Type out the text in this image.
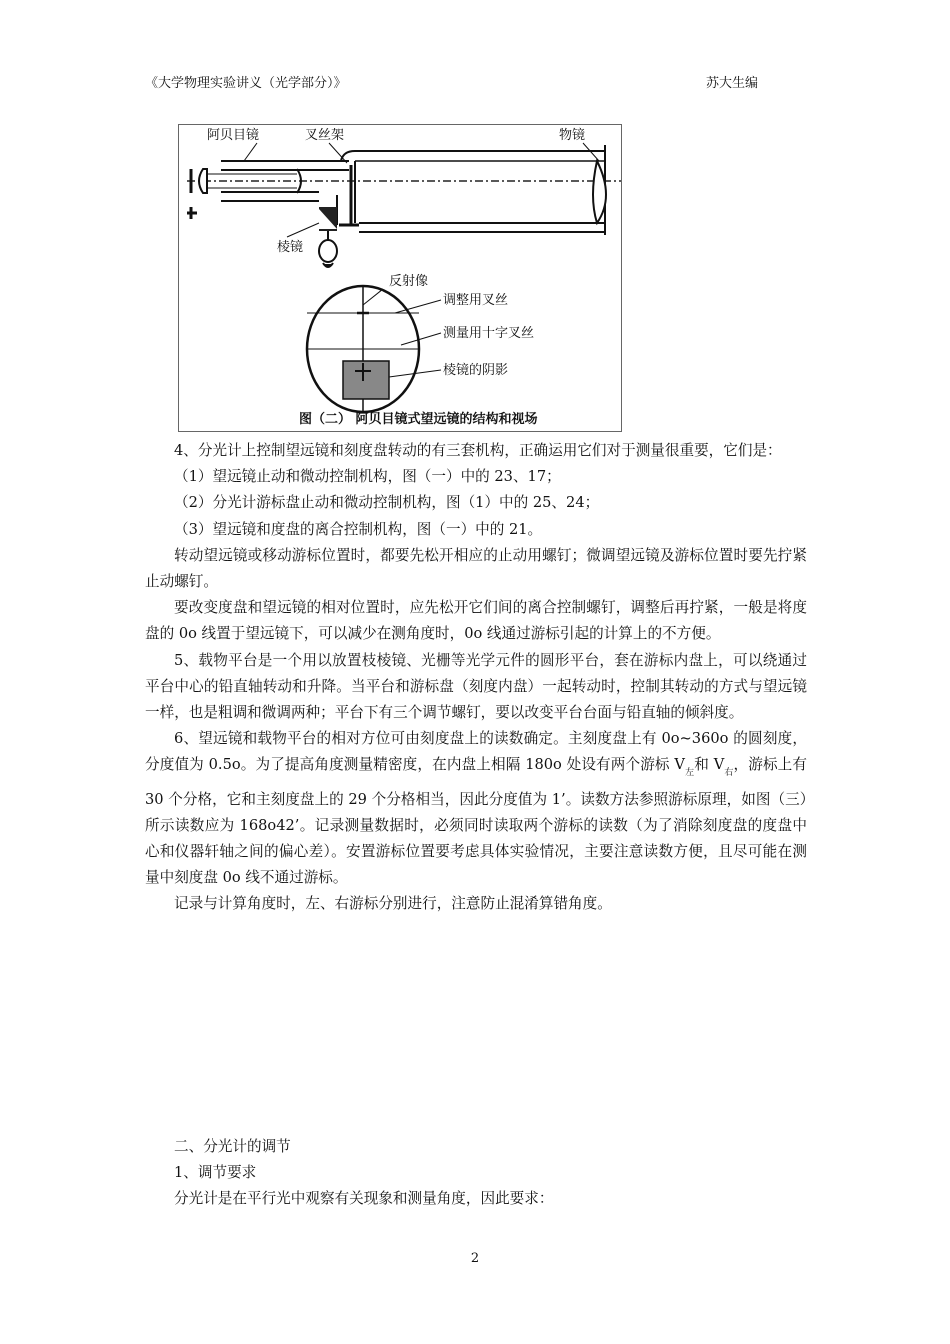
《大学物理实验讲义（光学部分）》	苏大生编
阿贝目镜	叉丝架	物镜
棱镜
反射像
调整用叉丝
测量用十字叉丝
棱镜的阴影
图（二） 阿贝目镜式望远镜的结构和视场

4、分光计上控制望远镜和刻度盘转动的有三套机构，正确运用它们对于测量很重要，它们是：

（1）望远镜止动和微动控制机构，图（一）中的 23、17；

（2）分光计游标盘止动和微动控制机构，图（1）中的 25、24；

（3）望远镜和度盘的离合控制机构，图（一）中的 21。

转动望远镜或移动游标位置时，都要先松开相应的止动用螺钉；微调望远镜及游标位置时要先拧紧止动螺钉。

要改变度盘和望远镜的相对位置时，应先松开它们间的离合控制螺钉，调整后再拧紧，一般是将度盘的 0o 线置于望远镜下，可以减少在测角度时，0o 线通过游标引起的计算上的不方便。

5、载物平台是一个用以放置枝棱镜、光栅等光学元件的圆形平台，套在游标内盘上，可以绕通过平台中心的铅直轴转动和升降。当平台和游标盘（刻度内盘）一起转动时，控制其转动的方式与望远镜一样，也是粗调和微调两种；平台下有三个调节螺钉，要以改变平台台面与铅直轴的倾斜度。

6、望远镜和载物平台的相对方位可由刻度盘上的读数确定。主刻度盘上有 0o~360o 的圆刻度，分度值为 0.5o。为了提高角度测量精密度，在内盘上相隔 180o 处设有两个游标 $V_左$和 $V_右$，游标上有 30 个分格，它和主刻度盘上的 29 个分格相当，因此分度值为 1’。读数方法参照游标原理，如图（三）所示读数应为 168o42’。记录测量数据时，必须同时读取两个游标的读数（为了消除刻度盘的度盘中心和仪器轩轴之间的偏心差）。安置游标位置要考虑具体实验情况，主要注意读数方便，且尽可能在测量中刻度盘 0o 线不通过游标。

记录与计算角度时，左、右游标分别进行，注意防止混淆算错角度。

二、分光计的调节

1、调节要求

分光计是在平行光中观察有关现象和测量角度，因此要求：

2
